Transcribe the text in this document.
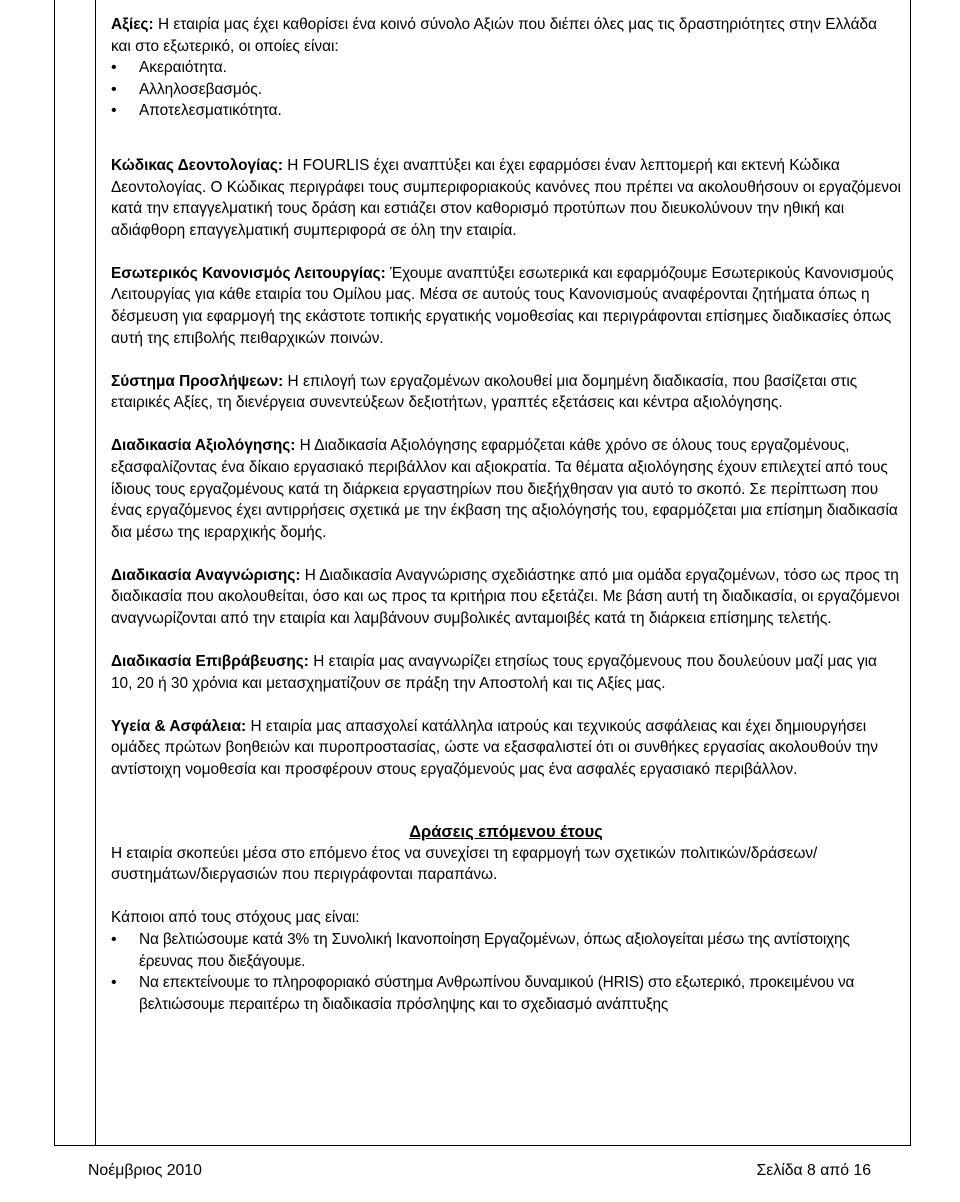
Αξίες: Η εταιρία μας έχει καθορίσει ένα κοινό σύνολο Αξιών που διέπει όλες μας τις δραστηριότητες στην Ελλάδα και στο εξωτερικό, οι οποίες είναι:

• Ακεραιότητα.
• Αλληλοσεβασμός.
• Αποτελεσματικότητα.

Κώδικας Δεοντολογίας: Η FOURLIS έχει αναπτύξει και έχει εφαρμόσει έναν λεπτομερή και εκτενή Κώδικα Δεοντολογίας. Ο Κώδικας περιγράφει τους συμπεριφοριακούς κανόνες που πρέπει να ακολουθήσουν οι εργαζόμενοι κατά την επαγγελματική τους δράση και εστιάζει στον καθορισμό προτύπων που διευκολύνουν την ηθική και αδιάφθορη επαγγελματική συμπεριφορά σε όλη την εταιρία.

Εσωτερικός Κανονισμός Λειτουργίας: Έχουμε αναπτύξει εσωτερικά και εφαρμόζουμε Εσωτερικούς Κανονισμούς Λειτουργίας για κάθε εταιρία του Ομίλου μας. Μέσα σε αυτούς τους Κανονισμούς αναφέρονται ζητήματα όπως η δέσμευση για εφαρμογή της εκάστοτε τοπικής εργατικής νομοθεσίας και περιγράφονται επίσημες διαδικασίες όπως αυτή της επιβολής πειθαρχικών ποινών.

Σύστημα Προσλήψεων: Η επιλογή των εργαζομένων ακολουθεί μια δομημένη διαδικασία, που βασίζεται στις εταιρικές Αξίες, τη διενέργεια συνεντεύξεων δεξιοτήτων, γραπτές εξετάσεις και κέντρα αξιολόγησης.

Διαδικασία Αξιολόγησης: Η Διαδικασία Αξιολόγησης εφαρμόζεται κάθε χρόνο σε όλους τους εργαζομένους, εξασφαλίζοντας ένα δίκαιο εργασιακό περιβάλλον και αξιοκρατία. Τα θέματα αξιολόγησης έχουν επιλεχτεί από τους ίδιους τους εργαζομένους κατά τη διάρκεια εργαστηρίων που διεξήχθησαν για αυτό το σκοπό. Σε περίπτωση που ένας εργαζόμενος έχει αντιρρήσεις σχετικά με την έκβαση της αξιολόγησής του, εφαρμόζεται μια επίσημη διαδικασία δια μέσω της ιεραρχικής δομής.

Διαδικασία Αναγνώρισης: Η Διαδικασία Αναγνώρισης σχεδιάστηκε από μια ομάδα εργαζομένων, τόσο ως προς τη διαδικασία που ακολουθείται, όσο και ως προς τα κριτήρια που εξετάζει. Με βάση αυτή τη διαδικασία, οι εργαζόμενοι αναγνωρίζονται από την εταιρία και λαμβάνουν συμβολικές ανταμοιβές κατά τη διάρκεια επίσημης τελετής.

Διαδικασία Επιβράβευσης: Η εταιρία μας αναγνωρίζει ετησίως τους εργαζόμενους που δουλεύουν μαζί μας για 10, 20 ή 30 χρόνια και μετασχηματίζουν σε πράξη την Αποστολή και τις Αξίες μας.

Υγεία & Ασφάλεια: Η εταιρία μας απασχολεί κατάλληλα ιατρούς και τεχνικούς ασφάλειας και έχει δημιουργήσει ομάδες πρώτων βοηθειών και πυροπροστασίας, ώστε να εξασφαλιστεί ότι οι συνθήκες εργασίας ακολουθούν την αντίστοιχη νομοθεσία και προσφέρουν στους εργαζόμενούς μας ένα ασφαλές εργασιακό περιβάλλον.

Δράσεις επόμενου έτους

Η εταιρία σκοπεύει μέσα στο επόμενο έτος να συνεχίσει τη εφαρμογή των σχετικών πολιτικών/δράσεων/συστημάτων/διεργασιών που περιγράφονται παραπάνω.

Κάποιοι από τους στόχους μας είναι:

• Να βελτιώσουμε κατά 3% τη Συνολική Ικανοποίηση Εργαζομένων, όπως αξιολογείται μέσω της αντίστοιχης έρευνας που διεξάγουμε.
• Να επεκτείνουμε το πληροφοριακό σύστημα Ανθρωπίνου δυναμικού (HRIS) στο εξωτερικό, προκειμένου να βελτιώσουμε περαιτέρω τη διαδικασία πρόσληψης και το σχεδιασμό ανάπτυξης
Νοέμβριος 2010	Σελίδα 8 από 16
